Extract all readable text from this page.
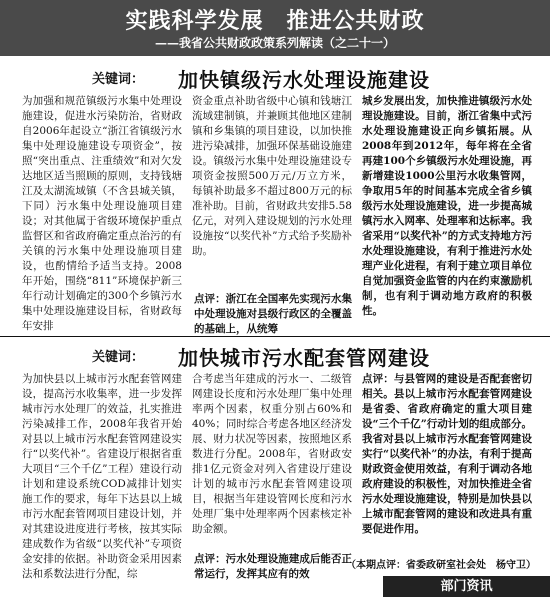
实践科学发展　推进公共财政
——我省公共财政政策系列解读（之二十一）
关键词： 加快镇级污水处理设施建设
为加强和规范镇级污水集中处理设施建设，促进水污染防治，省财政自2006年起设立“浙江省镇级污水集中处理设施建设专项资金”，按照“突出重点、注重绩效”和对欠发达地区适当照顾的原则，支持钱塘江及太湖流域镇（不含县城关镇，下同）污水集中处理设施项目建设；对其他属于省级环境保护重点监督区和省政府确定重点治污的有关镇的污水集中处理设施项目建设，也酌情给予适当支持。2008年开始，围绕“811”环境保护新三年行动计划确定的300个乡镇污水集中处理设施建设目标，省财政每年安排
资金重点补助省级中心镇和钱塘江流域建制镇，并兼顾其他地区建制镇和乡集镇的项目建设，以加快推进污染减排，加强环保基础设施建设。镇级污水集中处理设施建设专项资金按照500万元/万立方米，每镇补助最多不超过800万元的标准补助。目前，省财政共安排5.58亿元，对列入建设规划的污水处理设施按“以奖代补”方式给予奖励补助。
城乡发展出发，加快推进镇级污水处理设施建设。目前，浙江省集中式污水处理设施建设正向乡镇拓展。从2008年到2012年，每年将在全省再建100个乡镇级污水处理设施，再新增建设1000公里污水收集管网，争取用5年的时间基本完成全省乡镇级污水处理设施建设，进一步提高城镇污水入网率、处理率和达标率。我省采用“以奖代补”的方式支持地方污水处理设施建设，有利于推进污水处理产业化进程，有利于建立项目单位自觉加强资金监管的内在约束激励机制，也有利于调动地方政府的积极性。
点评：浙江在全国率先实现污水集中处理设施对县级行政区的全覆盖的基础上，从统筹
关键词： 加快城市污水配套管网建设
为加快县以上城市污水配套管网建设，提高污水收集率，进一步发挥城市污水处理厂的效益，扎实推进污染减排工作，2008年我省开始对县以上城市污水配套管网建设实行“以奖代补”。省建设厅根据省重大项目“三个千亿”工程）建设行动计划和建设系统COD减排计划实施工作的要求，每年下达县以上城市污水配套管网项目建设计划，并对其建设进度进行考核，按其实际建成数作为省级“以奖代补”专项资金安排的依据。补助资金采用因素法和系数法进行分配，综
合考虑当年建成的污水一、二级管网建设长度和污水处理厂集中处理率两个因素，权重分别占60%和40%；同时综合考虑各地区经济发展、财力状况等因素，按照地区系数进行分配。2008年，省财政安排1亿元资金对列入省建设厅建设计划的城市污水配套管网建设项目，根据当年建设管网长度和污水处理厂集中处理率两个因素核定补助金额。
点评：与县管网的建设是否配套密切相关。县以上城市污水配套管网建设是省委、省政府确定的重大项目建设“三个千亿”行动计划的组成部分。我省对县以上城市污水配套管网建设实行“以奖代补”的办法，有利于提高财政资金使用效益，有利于调动各地政府建设的积极性，对加快推进全省污水处理设施建设，特别是加快县以上城市配套管网的建设和改进具有重要促进作用。
点评：污水处理设施建成后能否正常运行，发挥其应有的效
（本期点评：省委政研室社会处　杨守卫）
部门资讯
